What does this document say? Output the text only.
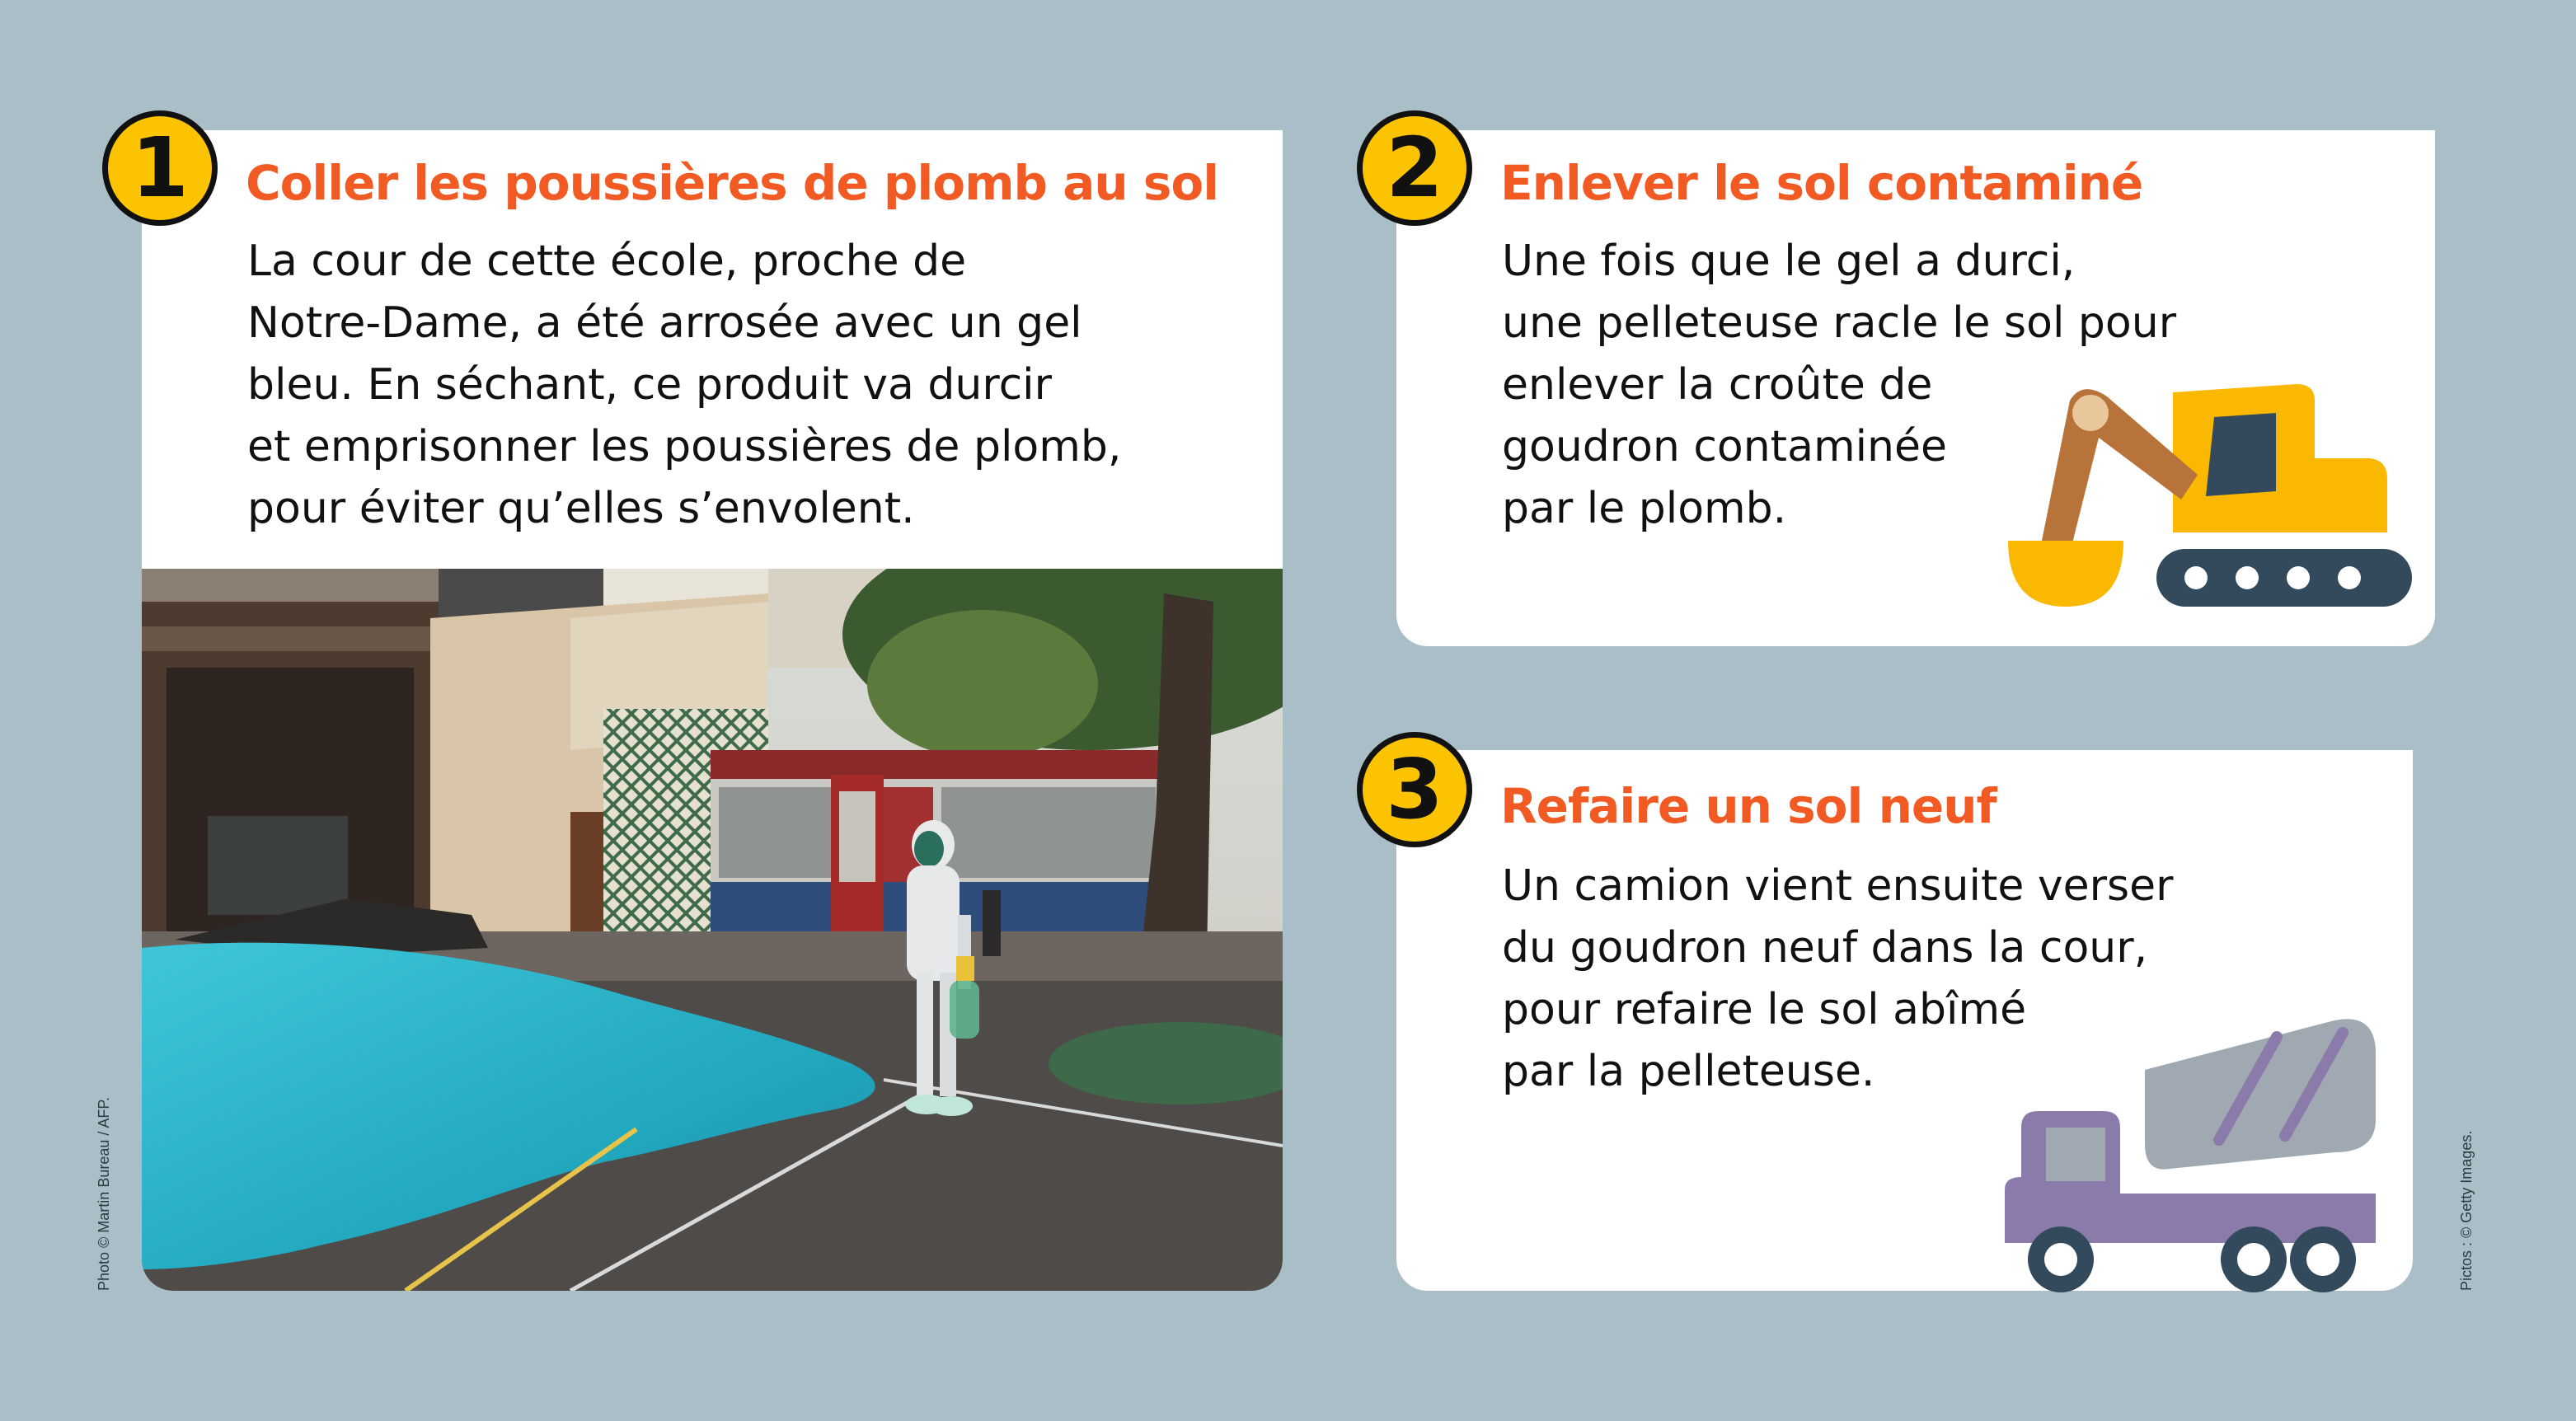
1	Coller les poussières de plomb au sol

La cour de cette école, proche de
Notre-Dame, a été arrosée avec un gel
bleu. En séchant, ce produit va durcir
et emprisonner les poussières de plomb,
pour éviter qu’elles s’envolent.

2	Enlever le sol contaminé

Une fois que le gel a durci,
une pelleteuse racle le sol pour
enlever la croûte de
goudron contaminée
par le plomb.

3	Refaire un sol neuf

Un camion vient ensuite verser
du goudron neuf dans la cour,
pour refaire le sol abîmé
par la pelleteuse.

Photo © Martin Bureau / AFP.	Pictos : © Getty Images.
